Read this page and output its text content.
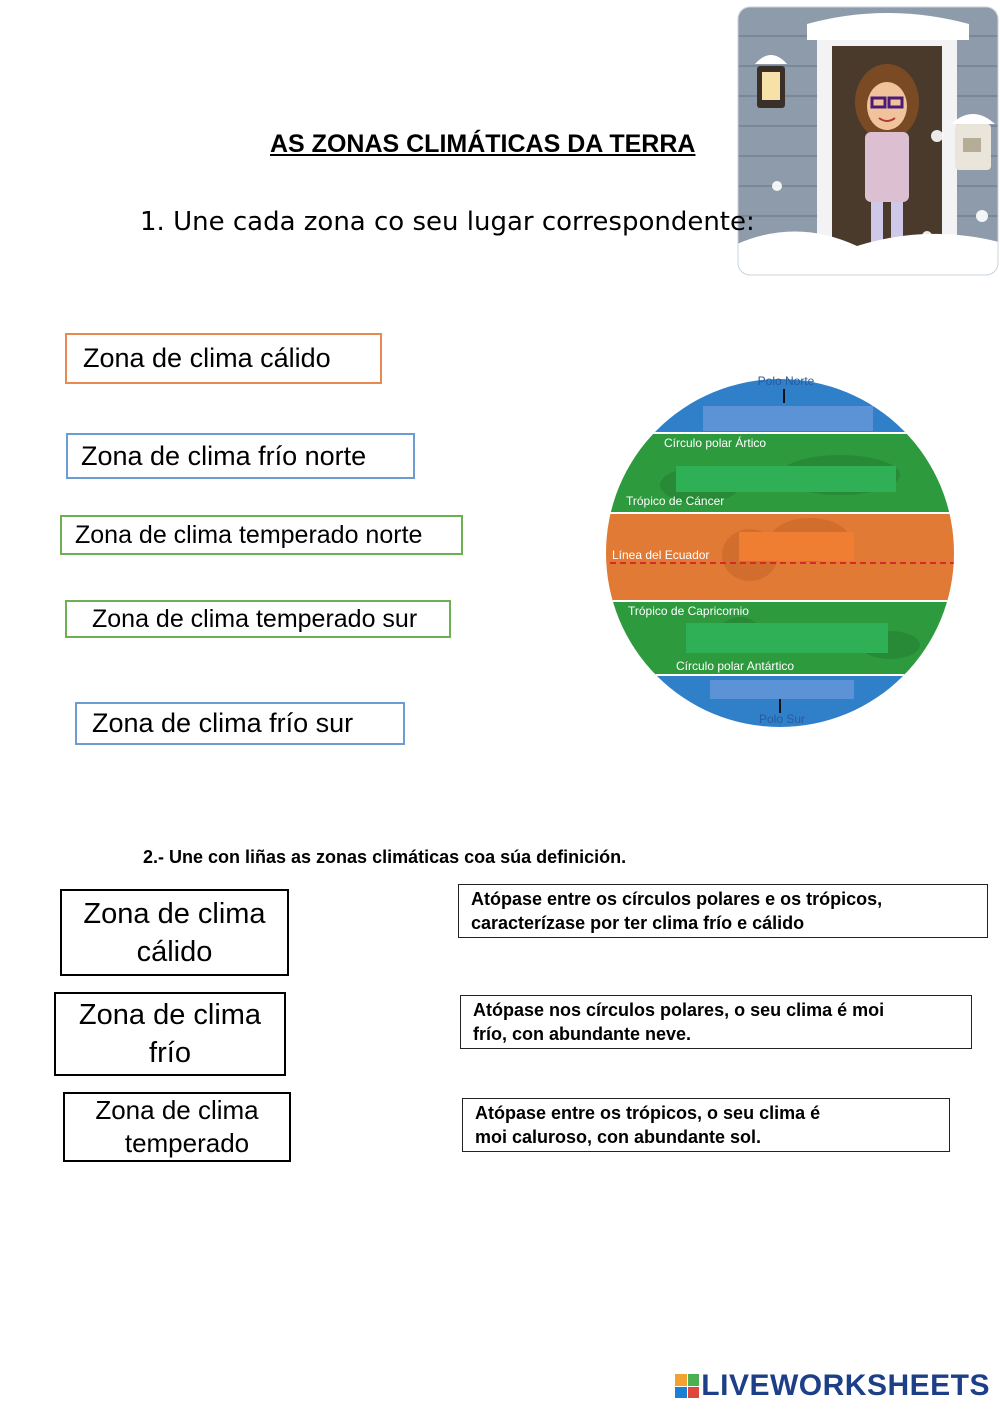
AS ZONAS CLIMÁTICAS DA TERRA
1. Une cada zona co seu lugar correspondente:
Zona de clima cálido
Zona de clima frío norte
Zona de clima temperado norte
Zona de clima temperado sur
Zona de clima frío sur
Polo Norte
Círculo polar Ártico
Trópico de Cáncer
Línea del Ecuador
Trópico de Capricornio
Círculo polar Antártico
Polo Sur
2.- Une con liñas as zonas climáticas coa súa definición.
Zona de clima
cálido
Zona de clima
frío
Zona de clima
temperado
Atópase entre os círculos polares e os trópicos,
caracterízase por ter clima frío e cálido
Atópase nos círculos polares, o seu clima é moi
frío, con abundante neve.
Atópase entre os trópicos, o seu clima é
moi caluroso, con abundante sol.
LIVEWORKSHEETS
